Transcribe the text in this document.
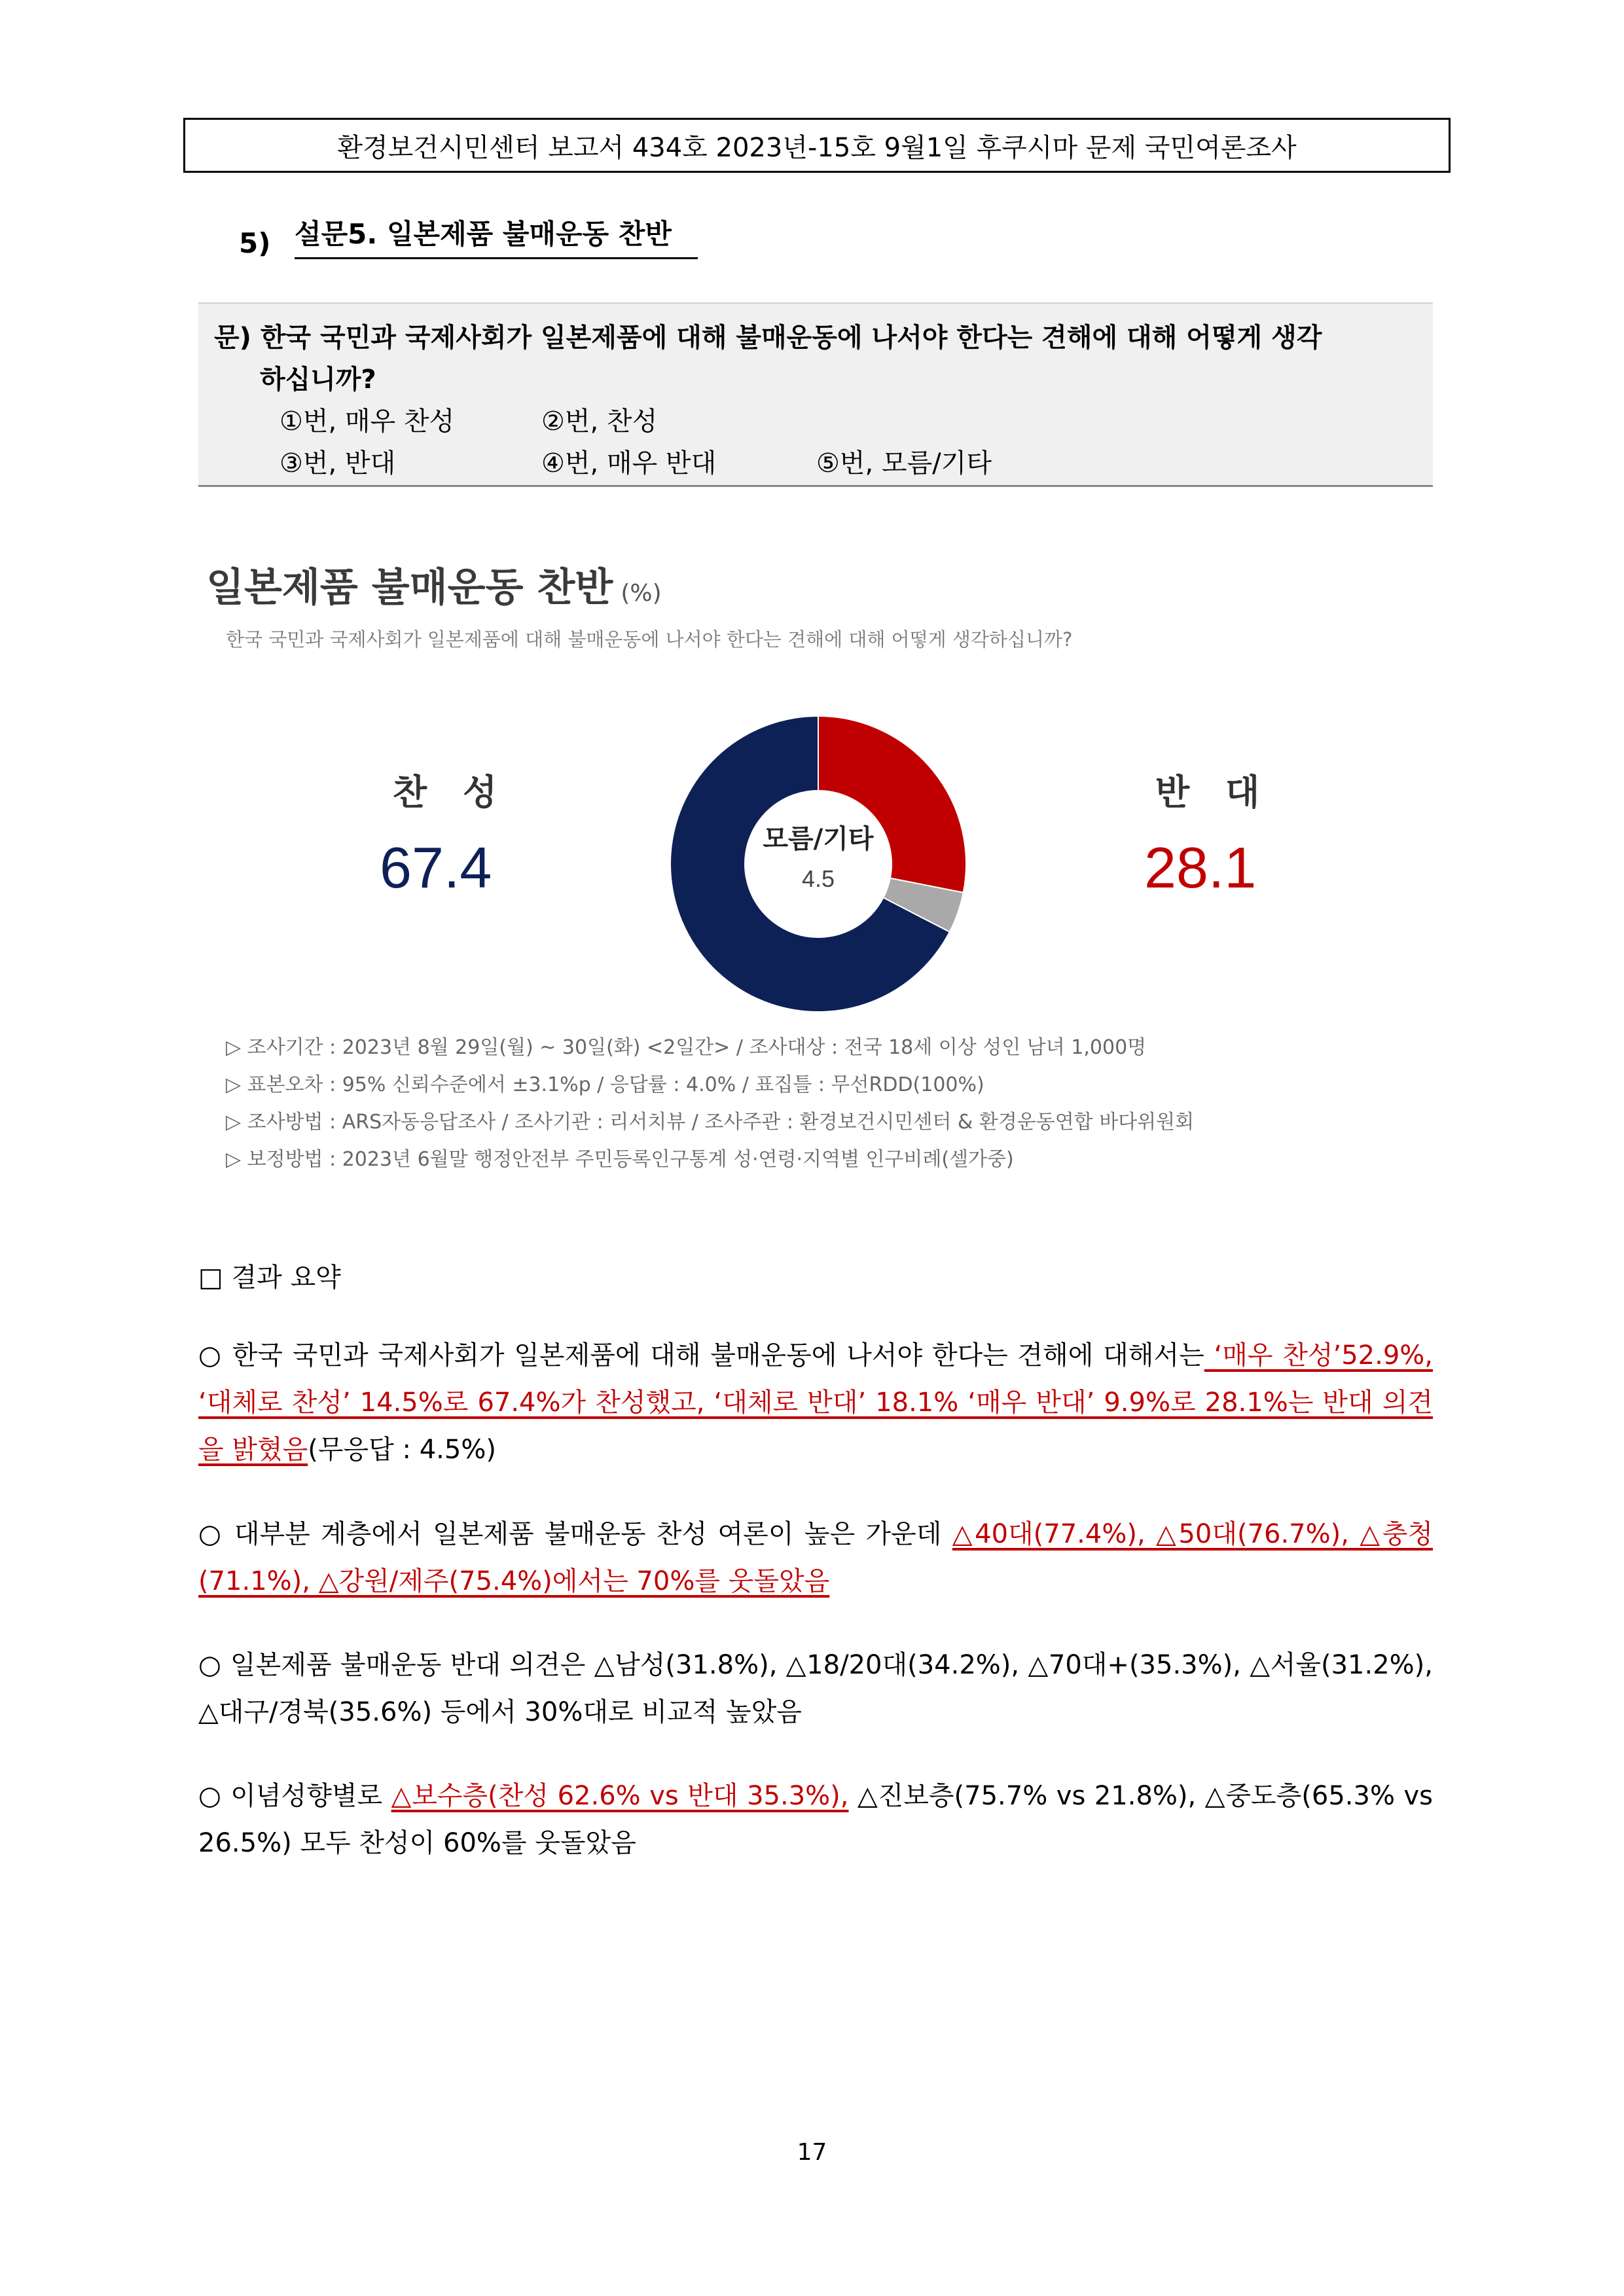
환경보건시민센터 보고서 434호 2023년-15호 9월1일 후쿠시마 문제 국민여론조사
5) 설문5. 일본제품 불매운동 찬반
문) 한국 국민과 국제사회가 일본제품에 대해 불매운동에 나서야 한다는 견해에 대해 어떻게 생각
하십니까?
①번, 매우 찬성	②번, 찬성
③번, 반대	④번, 매우 반대	⑤번, 모름/기타
일본제품 불매운동 찬반 (%)
한국 국민과 국제사회가 일본제품에 대해 불매운동에 나서야 한다는 견해에 대해 어떻게 생각하십니까?
찬 성
67.4
반 대
28.1
모름/기타
4.5
▷ 조사기간 : 2023년 8월 29일(월) ~ 30일(화) <2일간> / 조사대상 : 전국 18세 이상 성인 남녀 1,000명
▷ 표본오차 : 95% 신뢰수준에서 ±3.1%p / 응답률 : 4.0% / 표집틀 : 무선RDD(100%)
▷ 조사방법 : ARS자동응답조사 / 조사기관 : 리서치뷰 / 조사주관 : 환경보건시민센터 & 환경운동연합 바다위원회
▷ 보정방법 : 2023년 6월말 행정안전부 주민등록인구통계 성·연령·지역별 인구비례(셀가중)
□ 결과 요약
○ 한국 국민과 국제사회가 일본제품에 대해 불매운동에 나서야 한다는 견해에 대해서는 ‘매우 찬성’52.9%, ‘대체로 찬성’ 14.5%로 67.4%가 찬성했고, ‘대체로 반대’ 18.1% ‘매우 반대’ 9.9%로 28.1%는 반대 의견을 밝혔음(무응답 : 4.5%)
○ 대부분 계층에서 일본제품 불매운동 찬성 여론이 높은 가운데 △40대(77.4%), △50대(76.7%), △충청(71.1%), △강원/제주(75.4%)에서는 70%를 웃돌았음
○ 일본제품 불매운동 반대 의견은 △남성(31.8%), △18/20대(34.2%), △70대+(35.3%), △서울(31.2%), △대구/경북(35.6%) 등에서 30%대로 비교적 높았음
○ 이념성향별로 △보수층(찬성 62.6% vs 반대 35.3%), △진보층(75.7% vs 21.8%), △중도층(65.3% vs 26.5%) 모두 찬성이 60%를 웃돌았음
17
